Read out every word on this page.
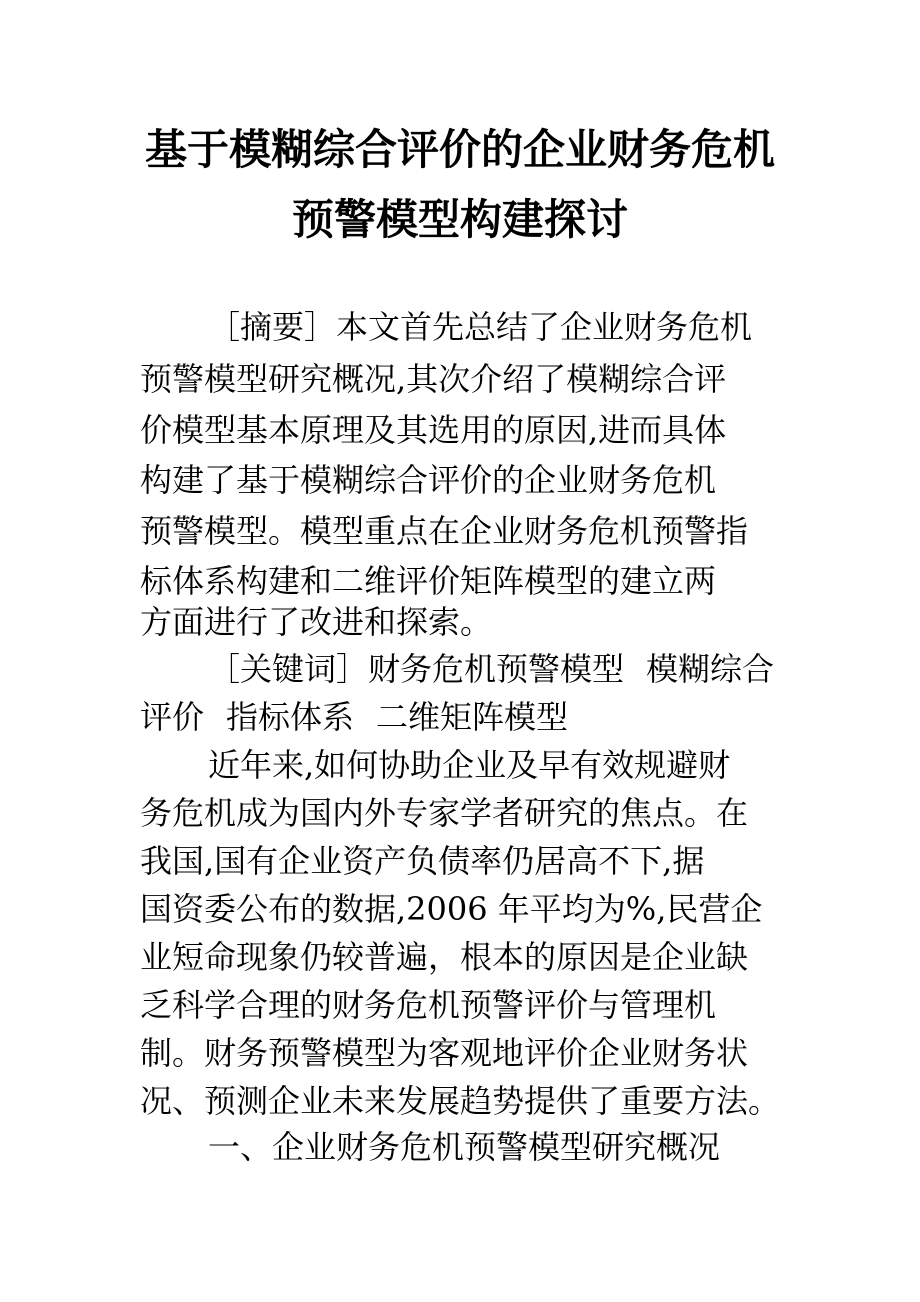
基于模糊综合评价的企业财务危机
预警模型构建探讨
［摘要］本文首先总结了企业财务危机
预警模型研究概况,其次介绍了模糊综合评
价模型基本原理及其选用的原因,进而具体
构建了基于模糊综合评价的企业财务危机
预警模型。模型重点在企业财务危机预警指
标体系构建和二维评价矩阵模型的建立两
方面进行了改进和探索。
［关键词］财务危机预警模型 模糊综合
评价 指标体系 二维矩阵模型
近年来,如何协助企业及早有效规避财
务危机成为国内外专家学者研究的焦点。在
我国,国有企业资产负债率仍居高不下,据
国资委公布的数据,2006 年平均为%,民营企
业短命现象仍较普遍，根本的原因是企业缺
乏科学合理的财务危机预警评价与管理机
制。财务预警模型为客观地评价企业财务状
况、预测企业未来发展趋势提供了重要方法。
一、企业财务危机预警模型研究概况
